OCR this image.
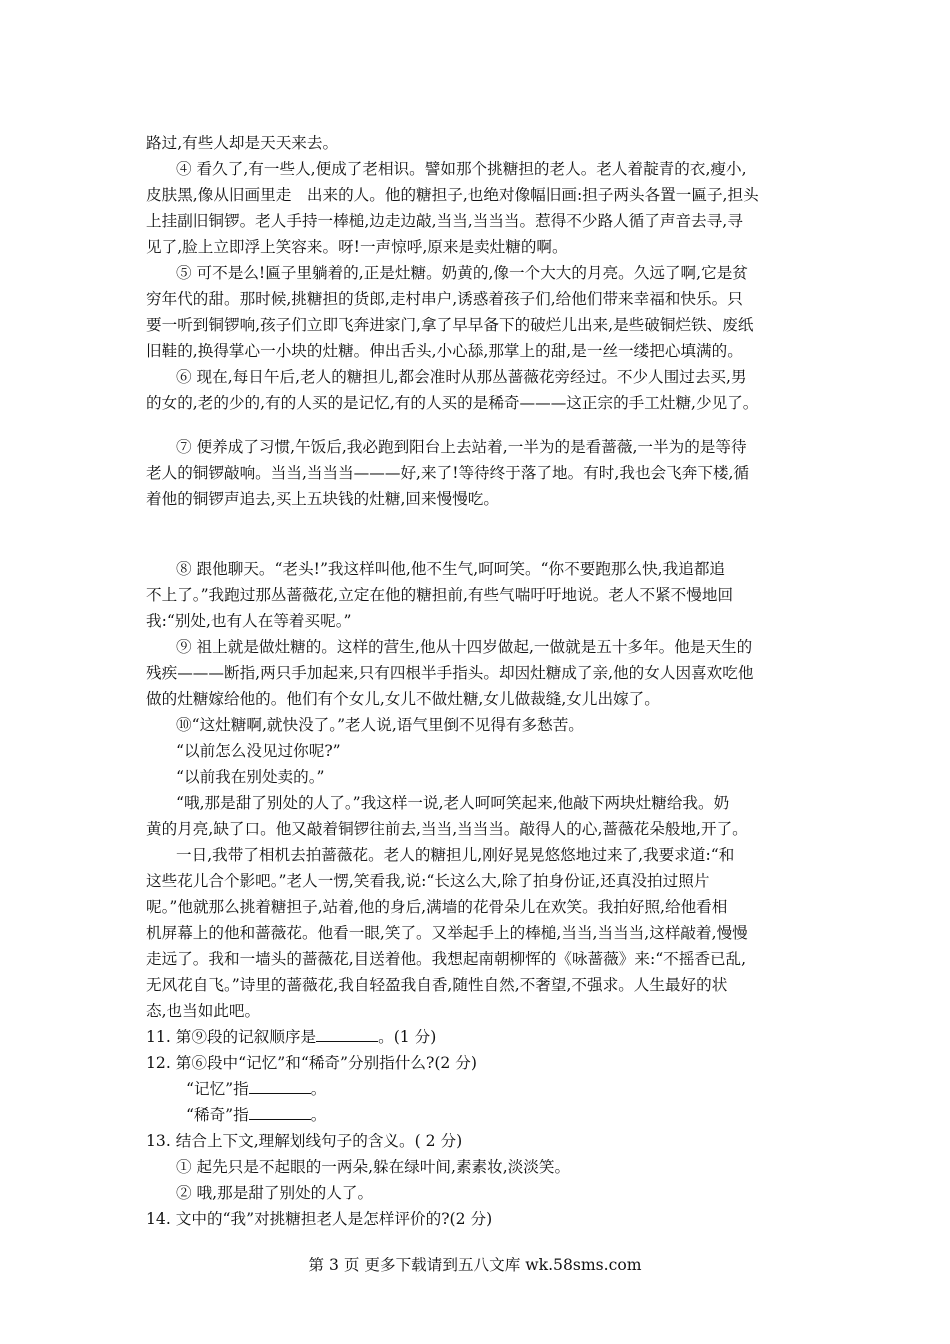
路过,有些人却是天天来去。
④ 看久了,有一些人,便成了老相识。譬如那个挑糖担的老人。老人着靛青的衣,瘦小,
皮肤黑,像从旧画里走　出来的人。他的糖担子,也绝对像幅旧画:担子两头各置一匾子,担头
上挂副旧铜锣。老人手持一棒槌,边走边敲,当当,当当当。惹得不少路人循了声音去寻,寻
见了,脸上立即浮上笑容来。呀!一声惊呼,原来是卖灶糖的啊。
⑤ 可不是么!匾子里躺着的,正是灶糖。奶黄的,像一个大大的月亮。久远了啊,它是贫
穷年代的甜。那时候,挑糖担的货郎,走村串户,诱惑着孩子们,给他们带来幸福和快乐。只
要一听到铜锣响,孩子们立即飞奔进家门,拿了早早备下的破烂儿出来,是些破铜烂铁、废纸
旧鞋的,换得掌心一小块的灶糖。伸出舌头,小心舔,那掌上的甜,是一丝一缕把心填满的。
⑥ 现在,每日午后,老人的糖担儿,都会准时从那丛蔷薇花旁经过。不少人围过去买,男
的女的,老的少的,有的人买的是记忆,有的人买的是稀奇———这正宗的手工灶糖,少见了。
⑦ 便养成了习惯,午饭后,我必跑到阳台上去站着,一半为的是看蔷薇,一半为的是等待
老人的铜锣敲响。当当,当当当———好,来了!等待终于落了地。有时,我也会飞奔下楼,循
着他的铜锣声追去,买上五块钱的灶糖,回来慢慢吃。
⑧ 跟他聊天。“老头!”我这样叫他,他不生气,呵呵笑。“你不要跑那么快,我追都追
不上了。”我跑过那丛蔷薇花,立定在他的糖担前,有些气喘吁吁地说。老人不紧不慢地回
我:“别处,也有人在等着买呢。”
⑨ 祖上就是做灶糖的。这样的营生,他从十四岁做起,一做就是五十多年。他是天生的
残疾———断指,两只手加起来,只有四根半手指头。却因灶糖成了亲,他的女人因喜欢吃他
做的灶糖嫁给他的。他们有个女儿,女儿不做灶糖,女儿做裁缝,女儿出嫁了。
⑩“这灶糖啊,就快没了。”老人说,语气里倒不见得有多愁苦。
“以前怎么没见过你呢?”
“以前我在别处卖的。”
“哦,那是甜了别处的人了。”我这样一说,老人呵呵笑起来,他敲下两块灶糖给我。奶
黄的月亮,缺了口。他又敲着铜锣往前去,当当,当当当。敲得人的心,蔷薇花朵般地,开了。
一日,我带了相机去拍蔷薇花。老人的糖担儿,刚好晃晃悠悠地过来了,我要求道:“和
这些花儿合个影吧。”老人一愣,笑看我,说:“长这么大,除了拍身份证,还真没拍过照片
呢。”他就那么挑着糖担子,站着,他的身后,满墙的花骨朵儿在欢笑。我拍好照,给他看相
机屏幕上的他和蔷薇花。他看一眼,笑了。又举起手上的棒槌,当当,当当当,这样敲着,慢慢
走远了。我和一墙头的蔷薇花,目送着他。我想起南朝柳恽的《咏蔷薇》来:“不摇香已乱,
无风花自飞。”诗里的蔷薇花,我自轻盈我自香,随性自然,不奢望,不强求。人生最好的状
态,也当如此吧。
11. 第⑨段的记叙顺序是	。(1 分)
12. 第⑥段中“记忆”和“稀奇”分别指什么?(2 分)
“记忆”指	。
“稀奇”指	。
13. 结合上下文,理解划线句子的含义。( 2 分)
① 起先只是不起眼的一两朵,躲在绿叶间,素素妆,淡淡笑。
② 哦,那是甜了别处的人了。
14. 文中的“我”对挑糖担老人是怎样评价的?(2 分)
第 3 页 更多下载请到五八文库 wk.58sms.com
